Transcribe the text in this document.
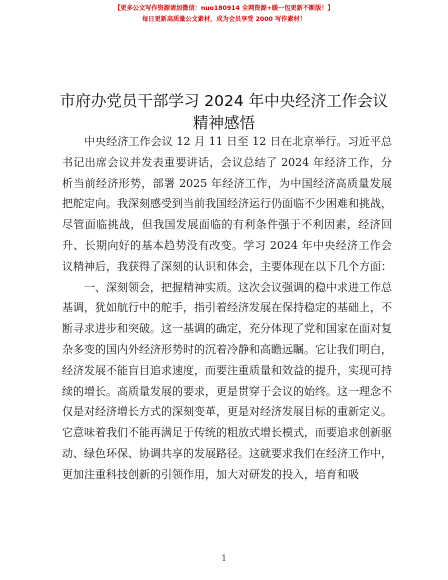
【更多公文写作资源请加微信：nuo180914 全网资源+暖一包更新不断版！】
每日更新高质量公文素材，成为会员享受 2000 写作素材！
市府办党员干部学习 2024 年中央经济工作会议
精神感悟

中央经济工作会议 12 月 11 日至 12 日在北京举行。习近平总书记出席会议并发表重要讲话，会议总结了 2024 年经济工作，分析当前经济形势，部署 2025 年经济工作，为中国经济高质量发展把舵定向。我深刻感受到当前我国经济运行仍面临不少困难和挑战，尽管面临挑战，但我国发展面临的有利条件强于不利因素，经济回升、长期向好的基本趋势没有改变。学习 2024 年中央经济工作会议精神后，我获得了深刻的认识和体会，主要体现在以下几个方面：

一、深刻领会，把握精神实质。这次会议强调的稳中求进工作总基调，犹如航行中的舵手，指引着经济发展在保持稳定的基础上，不断寻求进步和突破。这一基调的确定，充分体现了党和国家在面对复杂多变的国内外经济形势时的沉着冷静和高瞻远瞩。它让我们明白，经济发展不能盲目追求速度，而要注重质量和效益的提升，实现可持续的增长。高质量发展的要求，更是贯穿于会议的始终。这一理念不仅是对经济增长方式的深刻变革，更是对经济发展目标的重新定义。它意味着我们不能再满足于传统的粗放式增长模式，而要追求创新驱动、绿色环保、协调共享的发展路径。这就要求我们在经济工作中，更加注重科技创新的引领作用，加大对研发的投入，培育和吸

1
